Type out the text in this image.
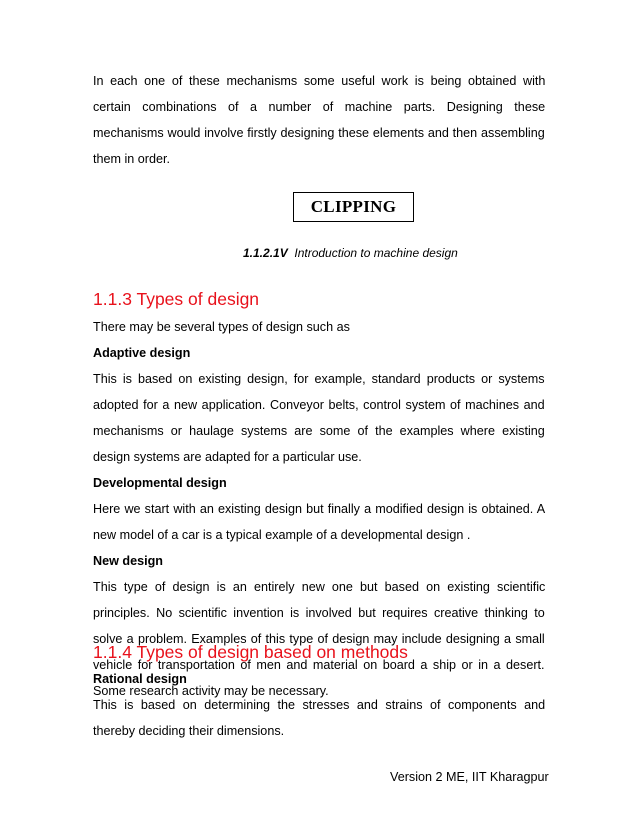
In each one of these mechanisms some useful work is being obtained with
certain combinations of a number of machine parts. Designing these
mechanisms would involve firstly designing these elements and then assembling
them in order.
CLIPPING
1.1.2.1V Introduction to machine design
1.1.3 Types of design
There may be several types of design such as
Adaptive design
This is based on existing design, for example, standard products or systems
adopted for a new application. Conveyor belts, control system of machines and
mechanisms or haulage systems are some of the examples where existing
design systems are adapted for a particular use.
Developmental design
Here we start with an existing design but finally a modified design is obtained. A
new model of a car is a typical example of a developmental design .
New design
This type of design is an entirely new one but based on existing scientific
principles. No scientific invention is involved but requires creative thinking to
solve a problem. Examples of this type of design may include designing a small
vehicle for transportation of men and material on board a ship or in a desert.
Some research activity may be necessary.
1.1.4 Types of design based on methods
Rational design
This is based on determining the stresses and strains of components and
thereby deciding their dimensions.
Version 2 ME, IIT Kharagpur
